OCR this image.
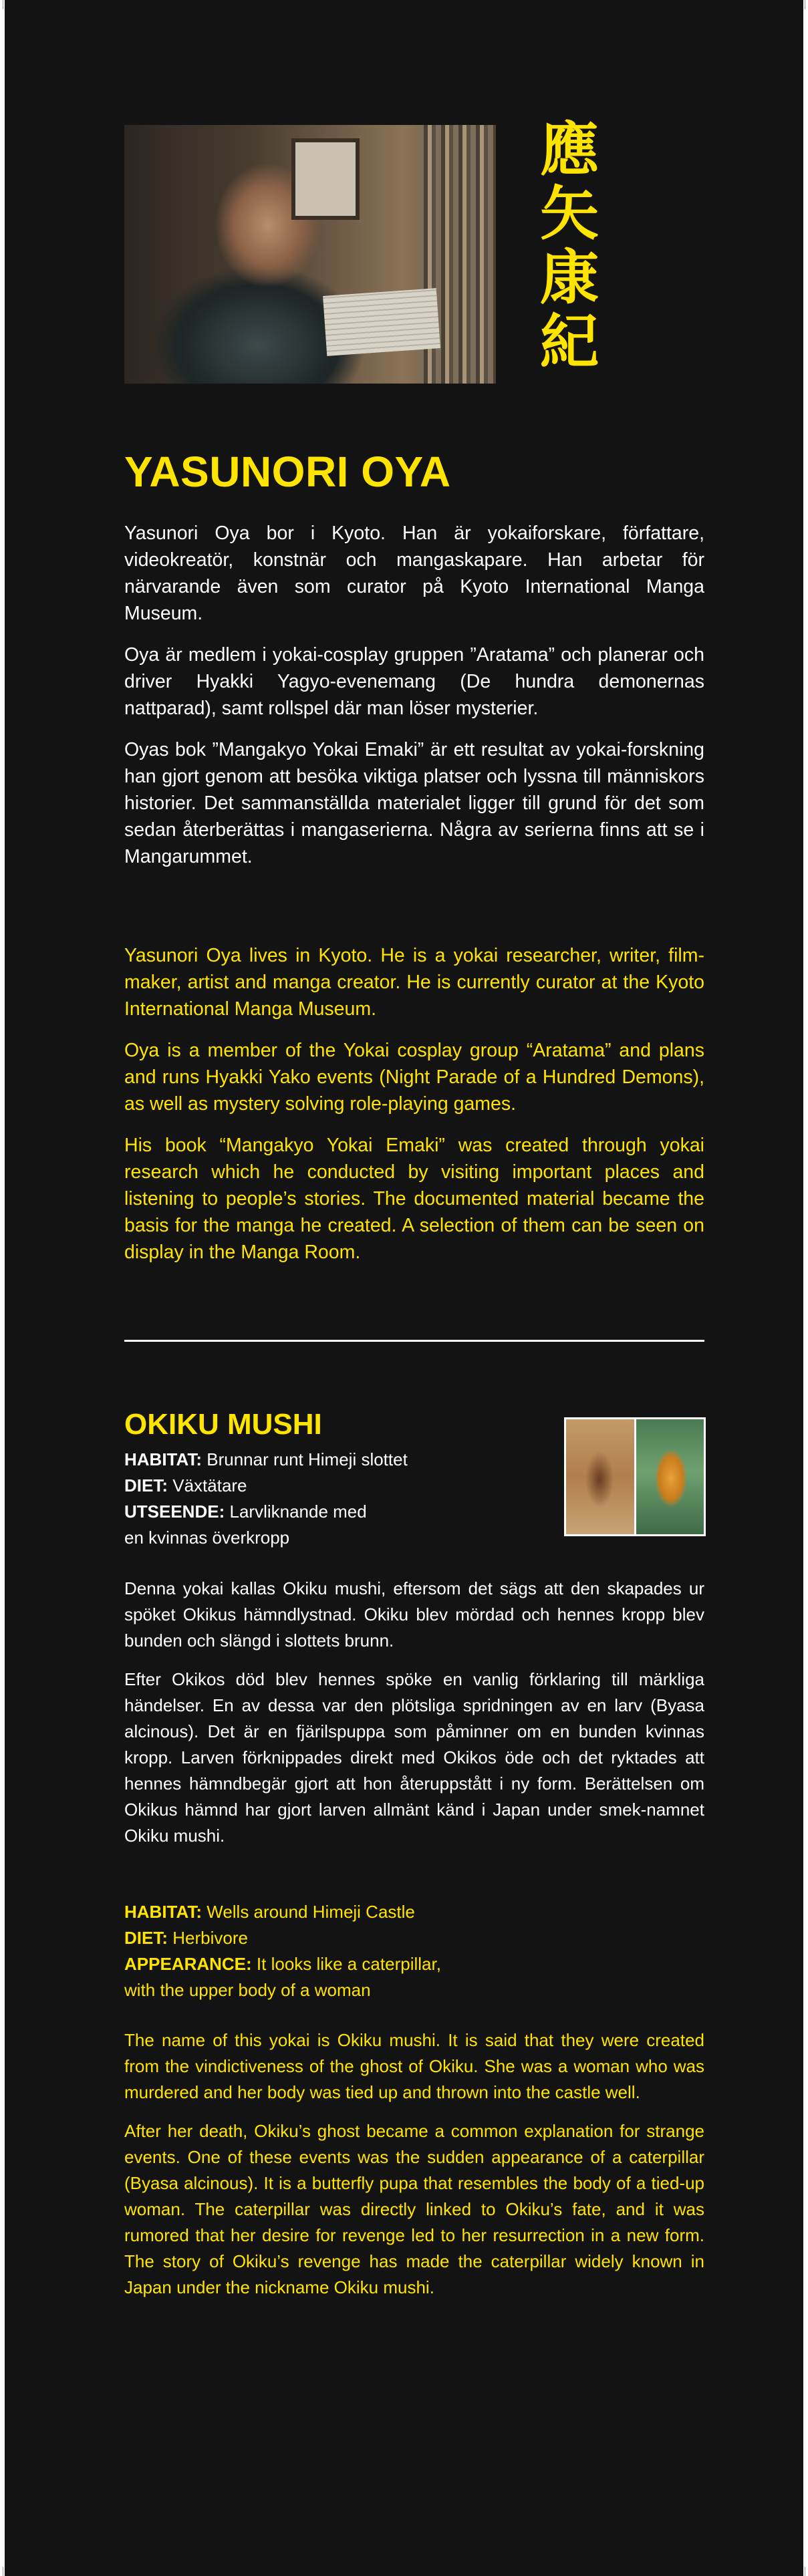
應
矢
康
紀
YASUNORI OYA

Yasunori Oya bor i Kyoto. Han är yokaiforskare, författare, videokreatör, konstnär och mangaskapare. Han arbetar för närvarande även som curator på Kyoto International Manga Museum.

Oya är medlem i yokai-cosplay gruppen ”Aratama” och planerar och driver Hyakki Yagyo-evenemang (De hundra demonernas nattparad), samt rollspel där man löser mysterier.

Oyas bok ”Mangakyo Yokai Emaki” är ett resultat av yokai-forskning han gjort genom att besöka viktiga platser och lyssna till människors historier. Det sammanställda materialet ligger till grund för det som sedan återberättas i mangaserierna. Några av serierna finns att se i Mangarummet.

Yasunori Oya lives in Kyoto. He is a yokai researcher, writer, film-maker, artist and manga creator. He is currently curator at the Kyoto International Manga Museum.

Oya is a member of the Yokai cosplay group “Aratama” and plans and runs Hyakki Yako events (Night Parade of a Hundred Demons), as well as mystery solving role-playing games.

His book “Mangakyo Yokai Emaki” was created through yokai research which he conducted by visiting important places and listening to people’s stories. The documented material became the basis for the manga he created. A selection of them can be seen on display in the Manga Room.

OKIKU MUSHI
HABITAT: Brunnar runt Himeji slottet
DIET: Växtätare
UTSEENDE: Larvliknande med
en kvinnas överkropp

Denna yokai kallas Okiku mushi, eftersom det sägs att den skapades ur spöket Okikus hämndlystnad. Okiku blev mördad och hennes kropp blev bunden och slängd i slottets brunn.

Efter Okikos död blev hennes spöke en vanlig förklaring till märkliga händelser. En av dessa var den plötsliga spridningen av en larv (Byasa alcinous). Det är en fjärilspuppa som påminner om en bunden kvinnas kropp. Larven förknippades direkt med Okikos öde och det ryktades att hennes hämndbegär gjort att hon återuppstått i ny form. Berättelsen om Okikus hämnd har gjort larven allmänt känd i Japan under smek-namnet Okiku mushi.

HABITAT: Wells around Himeji Castle
DIET: Herbivore
APPEARANCE: It looks like a caterpillar,
with the upper body of a woman

The name of this yokai is Okiku mushi. It is said that they were created from the vindictiveness of the ghost of Okiku. She was a woman who was murdered and her body was tied up and thrown into the castle well.

After her death, Okiku’s ghost became a common explanation for strange events. One of these events was the sudden appearance of a caterpillar (Byasa alcinous). It is a butterfly pupa that resembles the body of a tied-up woman. The caterpillar was directly linked to Okiku’s fate, and it was rumored that her desire for revenge led to her resurrection in a new form. The story of Okiku’s revenge has made the caterpillar widely known in Japan under the nickname Okiku mushi.
